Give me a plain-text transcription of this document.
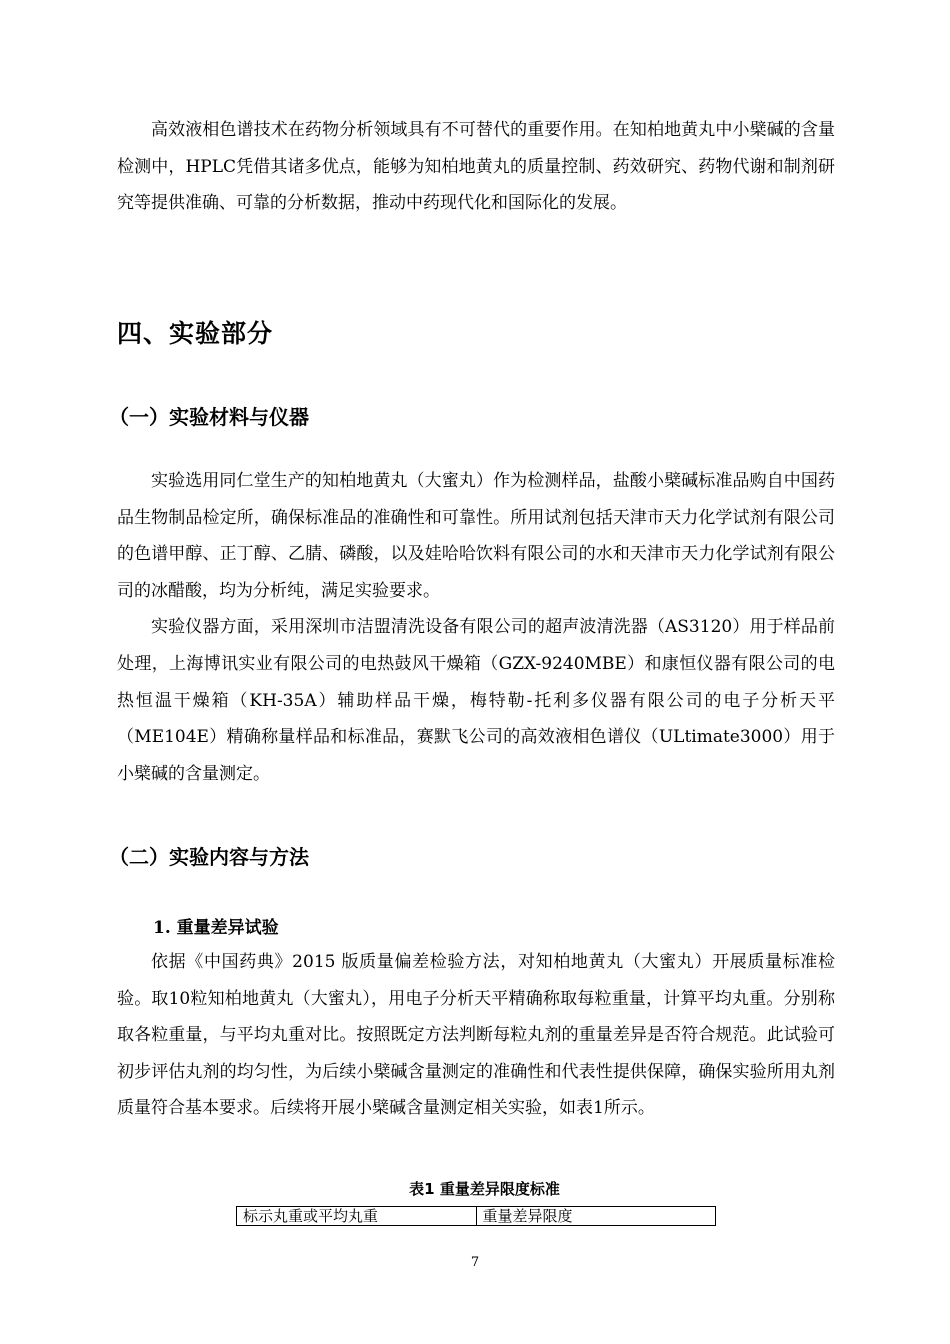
高效液相色谱技术在药物分析领域具有不可替代的重要作用。在知柏地黄丸中小檗碱的含量检测中，HPLC凭借其诸多优点，能够为知柏地黄丸的质量控制、药效研究、药物代谢和制剂研究等提供准确、可靠的分析数据，推动中药现代化和国际化的发展。

四、实验部分
（一）实验材料与仪器

实验选用同仁堂生产的知柏地黄丸（大蜜丸）作为检测样品，盐酸小檗碱标准品购自中国药品生物制品检定所，确保标准品的准确性和可靠性。所用试剂包括天津市天力化学试剂有限公司的色谱甲醇、正丁醇、乙腈、磷酸，以及娃哈哈饮料有限公司的水和天津市天力化学试剂有限公司的冰醋酸，均为分析纯，满足实验要求。

实验仪器方面，采用深圳市洁盟清洗设备有限公司的超声波清洗器（AS3120）用于样品前处理，上海博讯实业有限公司的电热鼓风干燥箱（GZX-9240MBE）和康恒仪器有限公司的电热恒温干燥箱（KH-35A）辅助样品干燥，梅特勒-托利多仪器有限公司的电子分析天平（ME104E）精确称量样品和标准品，赛默飞公司的高效液相色谱仪（ULtimate3000）用于小檗碱的含量测定。

（二）实验内容与方法
1. 重量差异试验

依据《中国药典》2015 版质量偏差检验方法，对知柏地黄丸（大蜜丸）开展质量标准检验。取10粒知柏地黄丸（大蜜丸），用电子分析天平精确称取每粒重量，计算平均丸重。分别称取各粒重量，与平均丸重对比。按照既定方法判断每粒丸剂的重量差异是否符合规范。此试验可初步评估丸剂的均匀性，为后续小檗碱含量测定的准确性和代表性提供保障，确保实验所用丸剂质量符合基本要求。后续将开展小檗碱含量测定相关实验，如表1所示。

表1 重量差异限度标准
标示丸重或平均丸重	重量差异限度
7
